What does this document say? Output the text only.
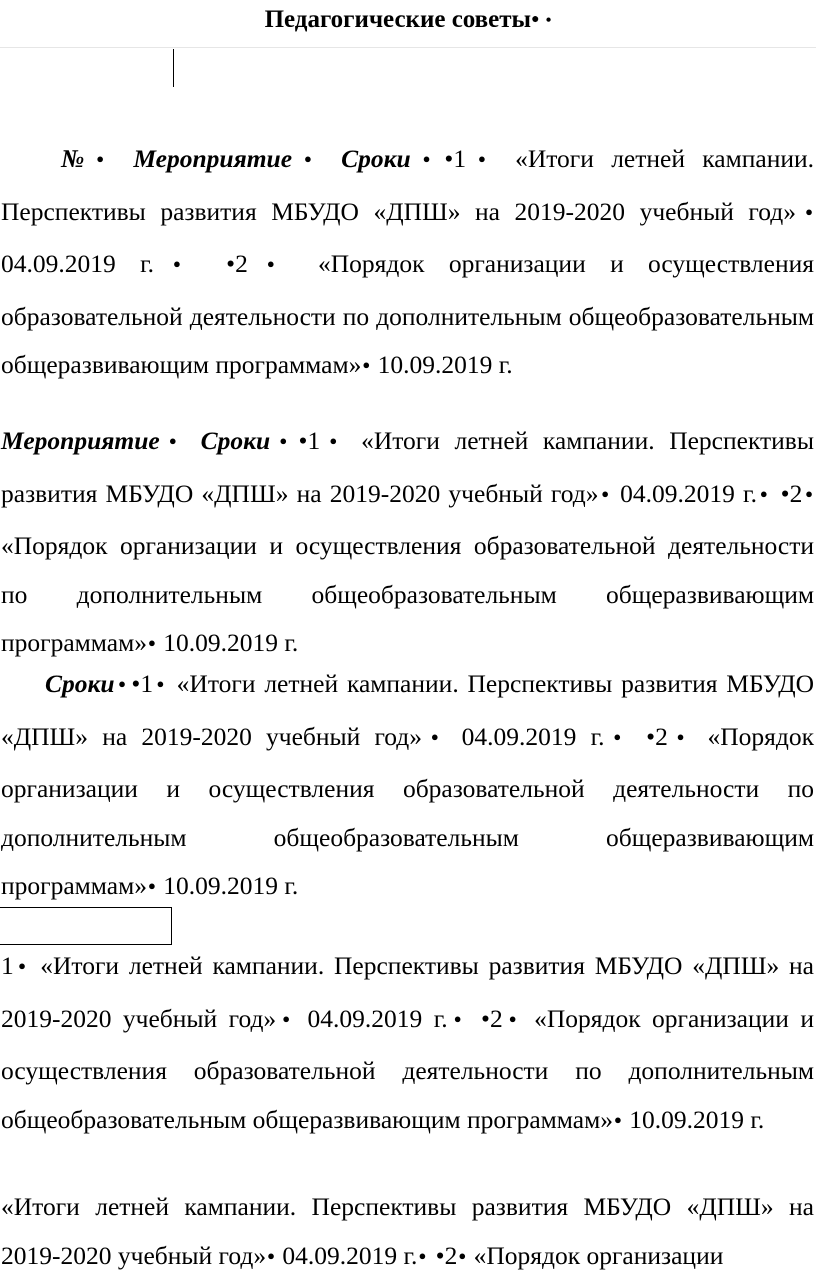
Педагогические советы● •

№ ● Мероприятие ● Сроки ● • 1 ● «Итоги летней кампании. Перспективы развития МБУДО «ДПШ» на 2019-2020 учебный год»● 04.09.2019 г. ● •	2 ●	«Порядок организации и осуществления образовательной деятельности по дополнительным общеобразовательным общеразвивающим программам» ● 10.09.2019 г.

Мероприятие ● Сроки ● • 1 ● «Итоги летней кампании. Перспективы развития МБУДО «ДПШ» на 2019-2020 учебный год»● 04.09.2019 г. ● • 2● «Порядок организации и осуществления образовательной деятельности по дополнительным общеобразовательным общеразвивающим программам» ● 10.09.2019 г.

Сроки ● • 1 ● «Итоги летней кампании. Перспективы развития МБУДО «ДПШ» на 2019-2020 учебный год» ● 04.09.2019 г.● • 2 ● «Порядок организации и осуществления образовательной деятельности по дополнительным общеобразовательным общеразвивающим программам» ● 10.09.2019 г.

1 ● «Итоги летней кампании. Перспективы развития МБУДО «ДПШ» на 2019-2020 учебный год» ● 04.09.2019 г. ● • 2 ● «Порядок организации и осуществления образовательной деятельности по дополнительным общеобразовательным общеразвивающим программам» ● 10.09.2019 г.

«Итоги летней кампании. Перспективы развития МБУДО «ДПШ» на 2019-2020 учебный год» ● 04.09.2019 г. ● • 2 ● «Порядок организации
